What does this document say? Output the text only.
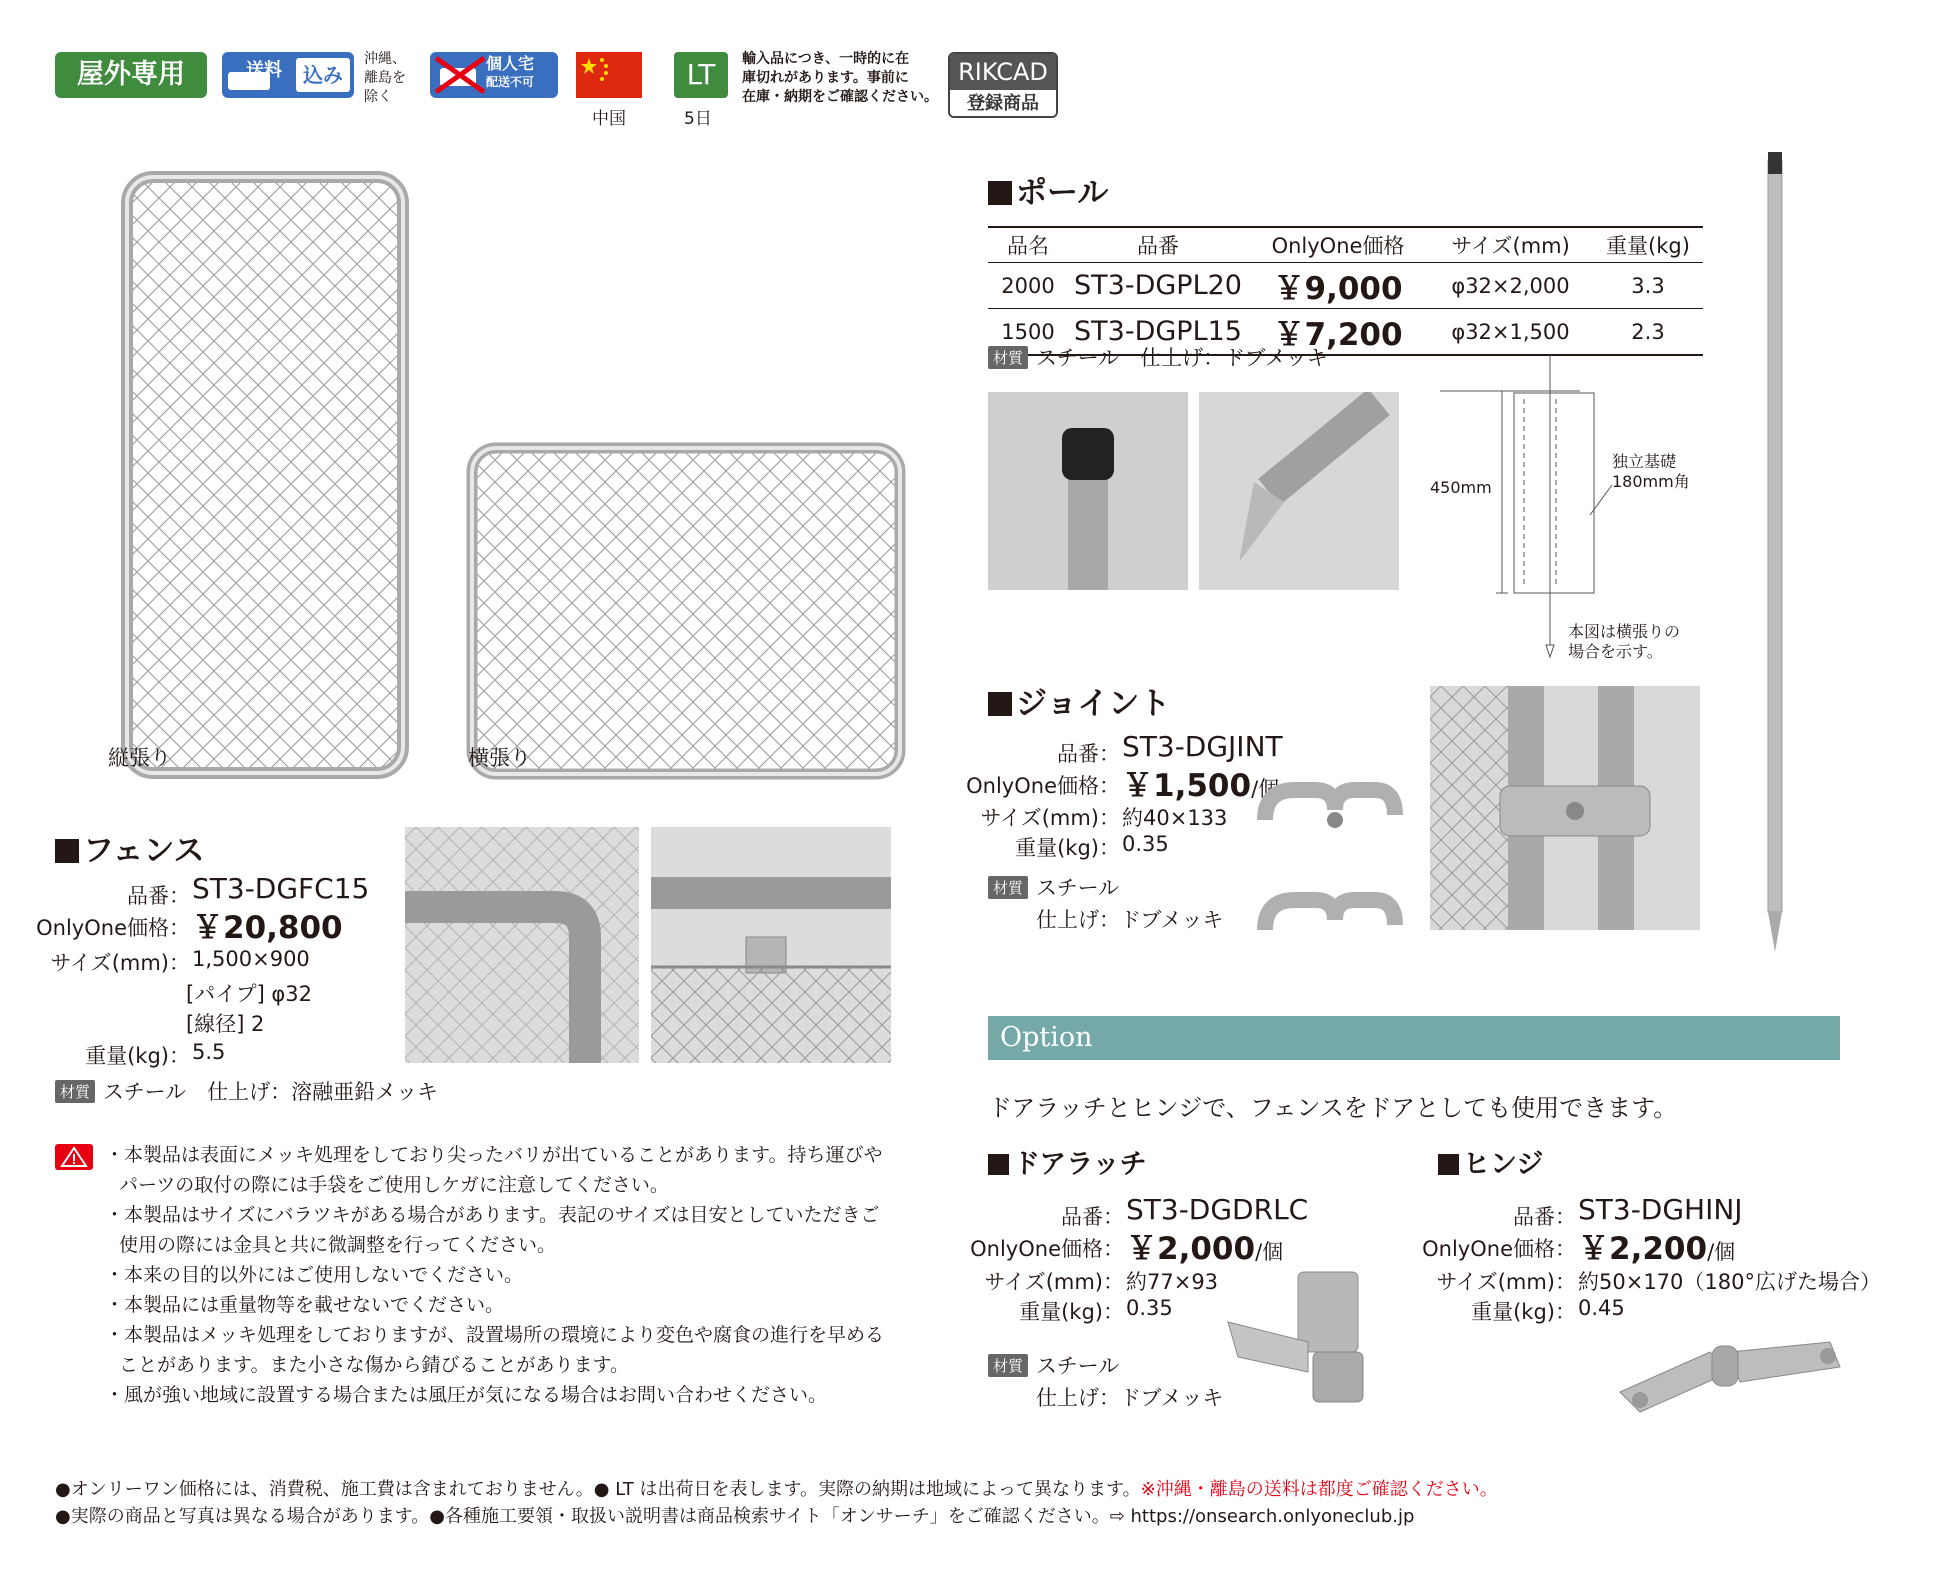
屋外専用	送料	込み
沖縄、
離島を
除く
個人宅
配送不可
中国
LT
5日
輸入品につき、一時的に在
庫切れがあります。事前に
在庫・納期をご確認ください。
RIKCAD
登録商品
縦張り	横張り
フェンス
品番： ST3-DGFC15
OnlyOne価格： ￥20,800
サイズ(mm)： 1,500×900
[パイプ] φ32
[線径] 2
重量(kg)： 5.5
材質 スチール　仕上げ：溶融亜鉛メッキ
・本製品は表面にメッキ処理をしており尖ったバリが出ていることがあります。持ち運びや
パーツの取付の際には手袋をご使用しケガに注意してください。
・本製品はサイズにバラツキがある場合があります。表記のサイズは目安としていただきご
使用の際には金具と共に微調整を行ってください。
・本来の目的以外にはご使用しないでください。
・本製品には重量物等を載せないでください。
・本製品はメッキ処理をしておりますが、設置場所の環境により変色や腐食の進行を早める
ことがあります。また小さな傷から錆びることがあります。
・風が強い地域に設置する場合または風圧が気になる場合はお問い合わせください。
ポール
品名	品番	OnlyOne価格	サイズ(mm)	重量(kg)
2000	ST3-DGPL20	￥9,000	φ32×2,000	3.3
1500	ST3-DGPL15	￥7,200	φ32×1,500	2.3
材質 スチール　仕上げ：ドブメッキ
450mm
独立基礎
180mm角
本図は横張りの
場合を示す。
ジョイント
品番： ST3-DGJINT
OnlyOne価格： ￥1,500/個
サイズ(mm)： 約40×133
重量(kg)： 0.35
材質 スチール
仕上げ：ドブメッキ
Option
ドアラッチとヒンジで、フェンスをドアとしても使用できます。
ドアラッチ
品番： ST3-DGDRLC
OnlyOne価格： ￥2,000/個
サイズ(mm)： 約77×93
重量(kg)： 0.35
材質 スチール
仕上げ：ドブメッキ
ヒンジ
品番： ST3-DGHINJ
OnlyOne価格： ￥2,200/個
サイズ(mm)： 約50×170（180°広げた場合）
重量(kg)： 0.45
●オンリーワン価格には、消費税、施工費は含まれておりません。● LT は出荷日を表します。実際の納期は地域によって異なります。※沖縄・離島の送料は都度ご確認ください。
●実際の商品と写真は異なる場合があります。●各種施工要領・取扱い説明書は商品検索サイト「オンサーチ」をご確認ください。⇨ https://onsearch.onlyoneclub.jp
